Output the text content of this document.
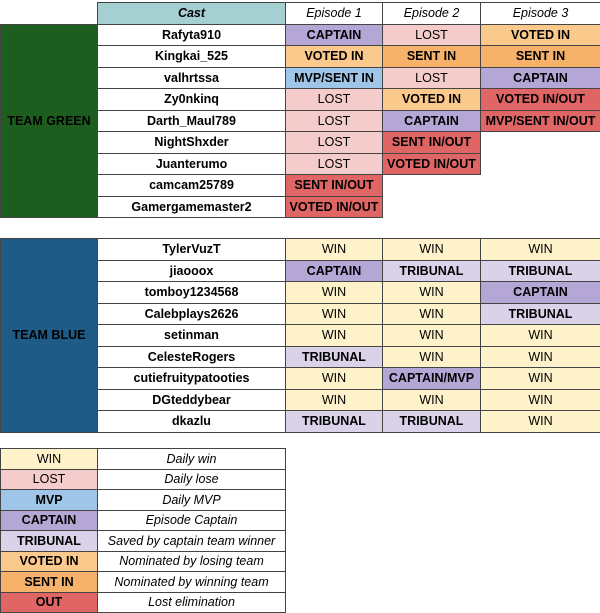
	Cast	Episode 1	Episode 2	Episode 3
TEAM GREEN	Rafyta910	CAPTAIN	LOST	VOTED IN
	Kingkai_525	VOTED IN	SENT IN	SENT IN
	valhrtssa	MVP/SENT IN	LOST	CAPTAIN
	Zy0nkinq	LOST	VOTED IN	VOTED IN/OUT
	Darth_Maul789	LOST	CAPTAIN	MVP/SENT IN/OUT
	NightShxder	LOST	SENT IN/OUT	
	Juanterumo	LOST	VOTED IN/OUT	
	camcam25789	SENT IN/OUT		
	Gamergamemaster2	VOTED IN/OUT		

TEAM BLUE	TylerVuzT	WIN	WIN	WIN
	jiaooox	CAPTAIN	TRIBUNAL	TRIBUNAL
	tomboy1234568	WIN	WIN	CAPTAIN
	Calebplays2626	WIN	WIN	TRIBUNAL
	setinman	WIN	WIN	WIN
	CelesteRogers	TRIBUNAL	WIN	WIN
	cutiefruitypatooties	WIN	CAPTAIN/MVP	WIN
	DGteddybear	WIN	WIN	WIN
	dkazlu	TRIBUNAL	TRIBUNAL	WIN
WIN	Daily win
LOST	Daily lose
MVP	Daily MVP
CAPTAIN	Episode Captain
TRIBUNAL	Saved by captain team winner
VOTED IN	Nominated by losing team
SENT IN	Nominated by winning team
OUT	Lost elimination
